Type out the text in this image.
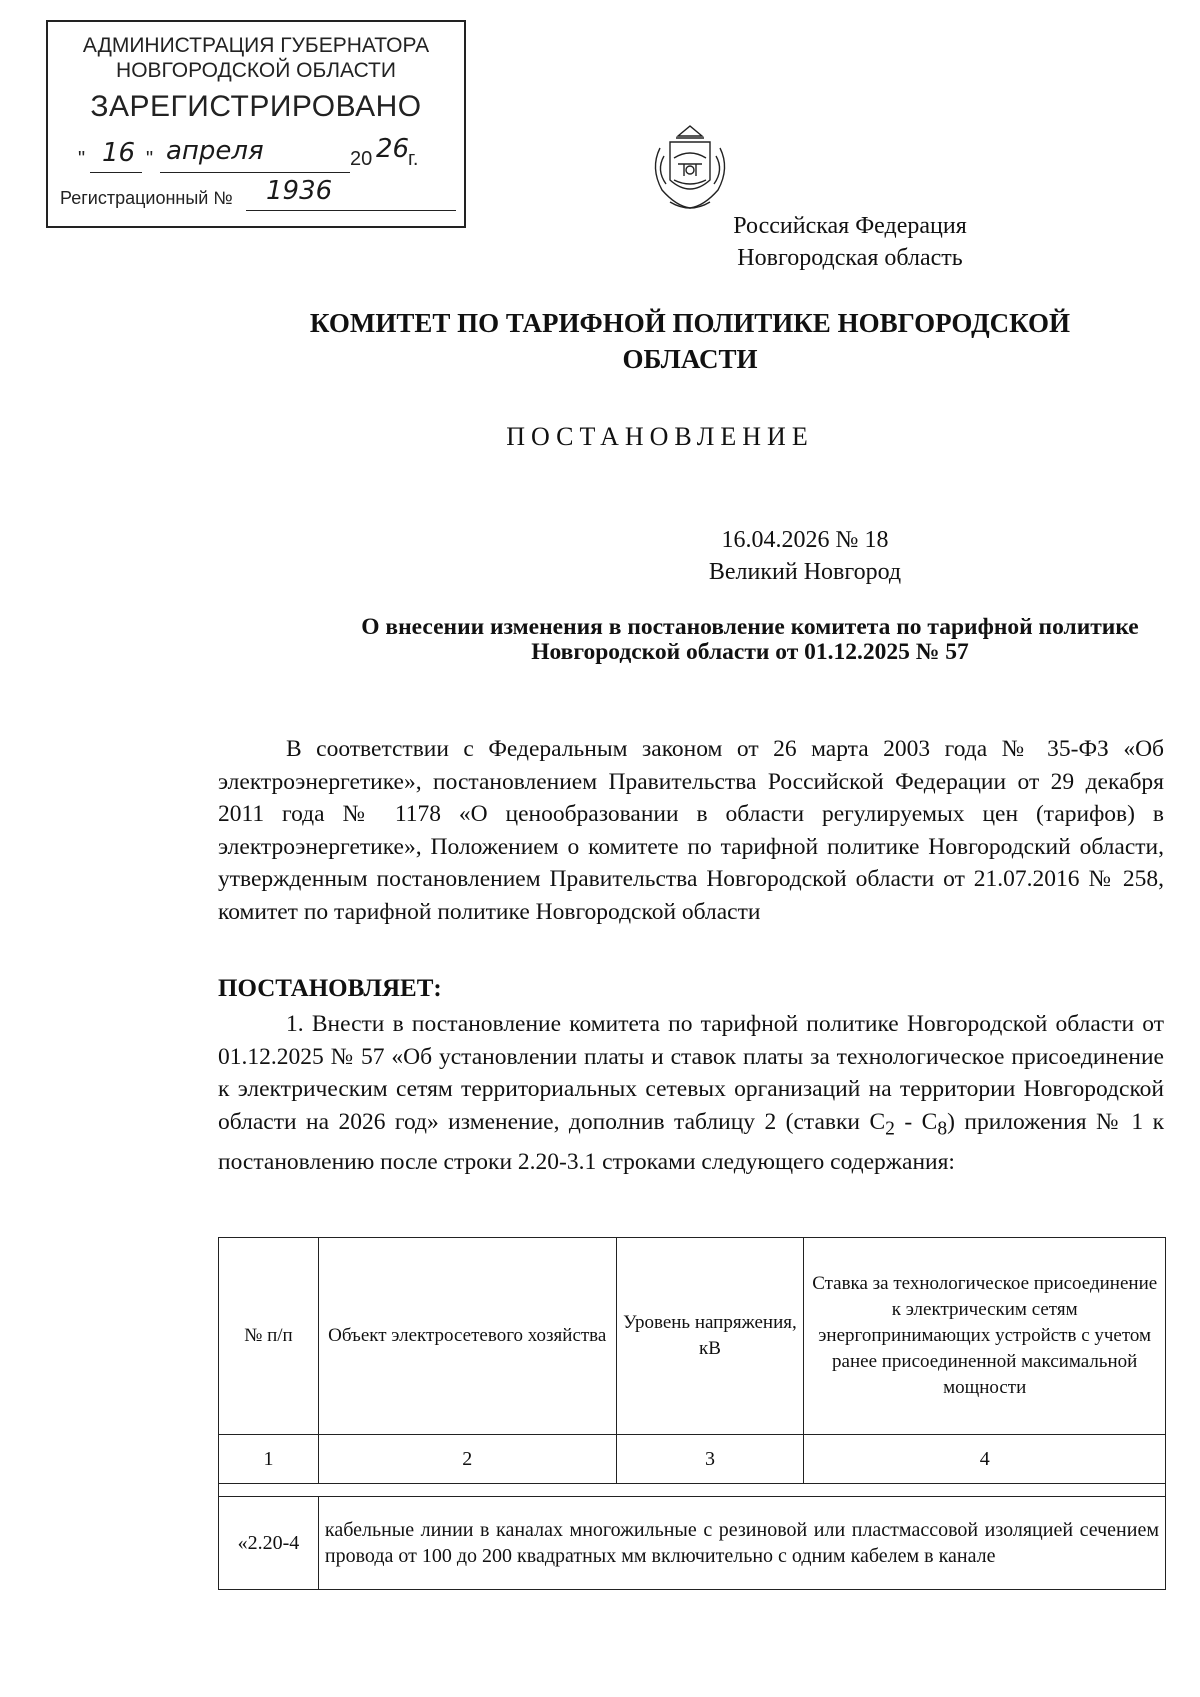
АДМИНИСТРАЦИЯ ГУБЕРНАТОРА
НОВГОРОДСКОЙ ОБЛАСТИ
ЗАРЕГИСТРИРОВАНО
" 16 " апреля	20 26
г.
Регистрационный № 1936
Российская Федерация
Новгородская область
КОМИТЕТ ПО ТАРИФНОЙ ПОЛИТИКЕ НОВГОРОДСКОЙ
ОБЛАСТИ
ПОСТАНОВЛЕНИЕ
16.04.2026 № 18
Великий Новгород
О внесении изменения в постановление комитета по тарифной политике
Новгородской области от 01.12.2025 № 57
В соответствии с Федеральным законом от 26 марта 2003 года № 35-ФЗ «Об электроэнергетике», постановлением Правительства Российской Федерации от 29 декабря 2011 года № 1178 «О ценообразовании в области регулируемых цен (тарифов) в электроэнергетике», Положением о комитете по тарифной политике Новгородский области, утвержденным постановлением Правительства Новгородской области от 21.07.2016 № 258, комитет по тарифной политике Новгородской области
ПОСТАНОВЛЯЕТ:
1. Внести в постановление комитета по тарифной политике Новгородской области от 01.12.2025 № 57 «Об установлении платы и ставок платы за технологическое присоединение к электрическим сетям территориальных сетевых организаций на территории Новгородской области на 2026 год» изменение, дополнив таблицу 2 (ставки $С_2 - С_8$) приложения № 1 к постановлению после строки 2.20-3.1 строками следующего содержания:
№ п/п	Объект электросетевого хозяйства	Уровень напряжения, кВ	Ставка за технологическое присоединение к электрическим сетям энергопринимающих устройств с учетом ранее присоединенной максимальной мощности
1	2	3	4

«2.20-4	кабельные линии в каналах многожильные с резиновой или пластмассовой изоляцией сечением провода от 100 до 200 квадратных мм включительно с одним кабелем в канале		
